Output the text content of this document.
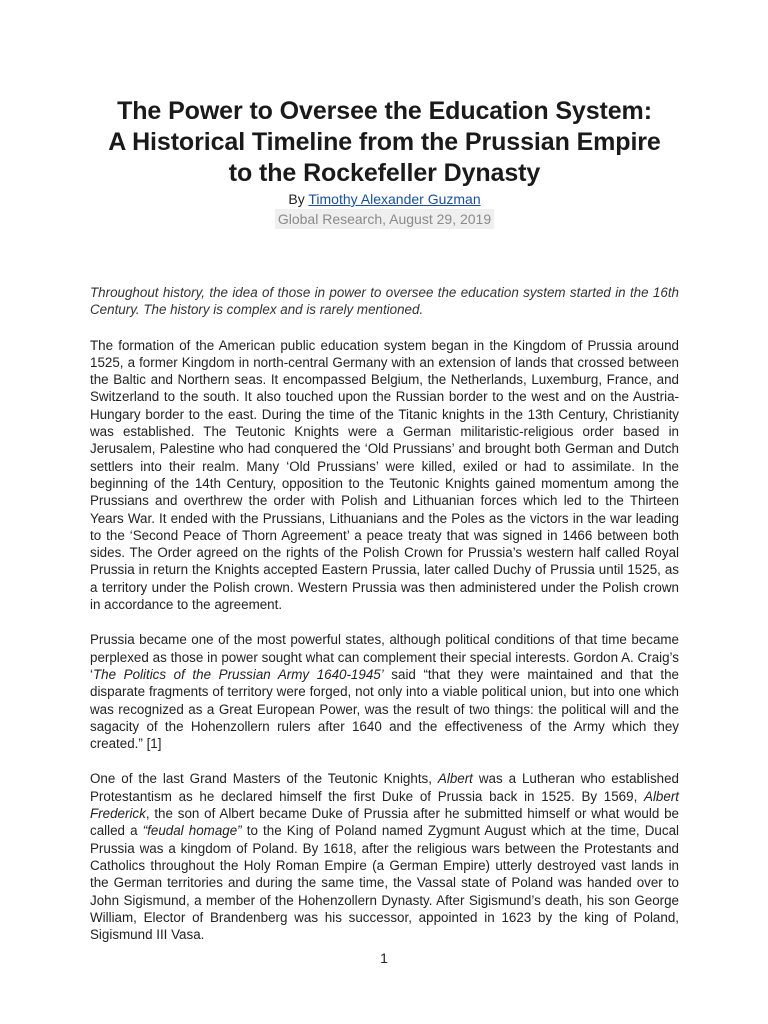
The Power to Oversee the Education System:
A Historical Timeline from the Prussian Empire
to the Rockefeller Dynasty
By Timothy Alexander Guzman
Global Research, August 29, 2019

Throughout history, the idea of those in power to oversee the education system started in the 16th Century. The history is complex and is rarely mentioned.

The formation of the American public education system began in the Kingdom of Prussia around 1525, a former Kingdom in north-central Germany with an extension of lands that crossed between the Baltic and Northern seas. It encompassed Belgium, the Netherlands, Luxemburg, France, and Switzerland to the south. It also touched upon the Russian border to the west and on the Austria-Hungary border to the east. During the time of the Titanic knights in the 13th Century, Christianity was established. The Teutonic Knights were a German militaristic-religious order based in Jerusalem, Palestine who had conquered the ‘Old Prussians’ and brought both German and Dutch settlers into their realm. Many ‘Old Prussians’ were killed, exiled or had to assimilate. In the beginning of the 14th Century, opposition to the Teutonic Knights gained momentum among the Prussians and overthrew the order with Polish and Lithuanian forces which led to the Thirteen Years War. It ended with the Prussians, Lithuanians and the Poles as the victors in the war leading to the ‘Second Peace of Thorn Agreement’ a peace treaty that was signed in 1466 between both sides. The Order agreed on the rights of the Polish Crown for Prussia’s western half called Royal Prussia in return the Knights accepted Eastern Prussia, later called Duchy of Prussia until 1525, as a territory under the Polish crown. Western Prussia was then administered under the Polish crown in accordance to the agreement.

Prussia became one of the most powerful states, although political conditions of that time became perplexed as those in power sought what can complement their special interests. Gordon A. Craig’s ‘The Politics of the Prussian Army 1640-1945’ said “that they were maintained and that the disparate fragments of territory were forged, not only into a viable political union, but into one which was recognized as a Great European Power, was the result of two things: the political will and the sagacity of the Hohenzollern rulers after 1640 and the effectiveness of the Army which they created.” [1]

One of the last Grand Masters of the Teutonic Knights, Albert was a Lutheran who established Protestantism as he declared himself the first Duke of Prussia back in 1525. By 1569, Albert Frederick, the son of Albert became Duke of Prussia after he submitted himself or what would be called a “feudal homage” to the King of Poland named Zygmunt August which at the time, Ducal Prussia was a kingdom of Poland. By 1618, after the religious wars between the Protestants and Catholics throughout the Holy Roman Empire (a German Empire) utterly destroyed vast lands in the German territories and during the same time, the Vassal state of Poland was handed over to John Sigismund, a member of the Hohenzollern Dynasty. After Sigismund’s death, his son George William, Elector of Brandenberg was his successor, appointed in 1623 by the king of Poland, Sigismund III Vasa.

1
